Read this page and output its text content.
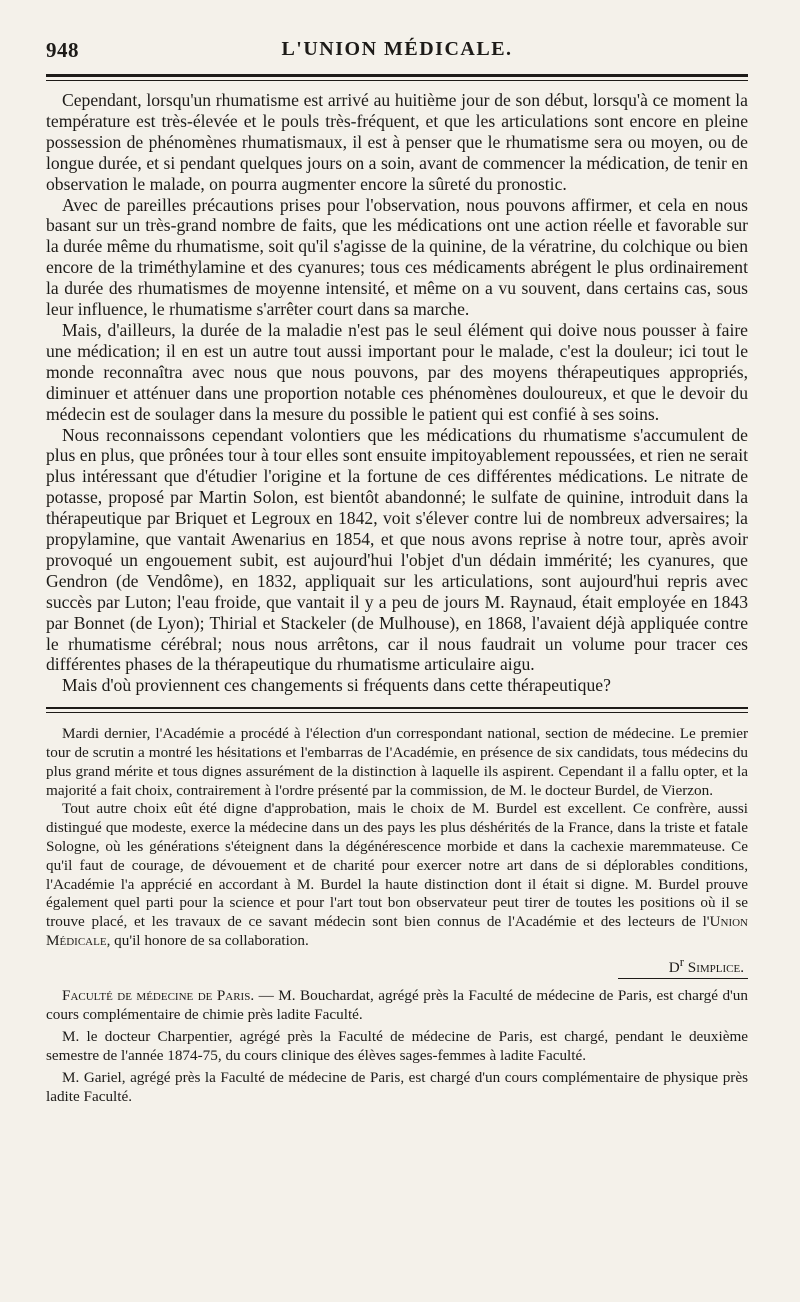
948	L'UNION MÉDICALE.

Cependant, lorsqu'un rhumatisme est arrivé au huitième jour de son début, lorsqu'à ce moment la température est très-élevée et le pouls très-fréquent, et que les articulations sont encore en pleine possession de phénomènes rhumatismaux, il est à penser que le rhumatisme sera ou moyen, ou de longue durée, et si pendant quelques jours on a soin, avant de commencer la médication, de tenir en observation le malade, on pourra augmenter encore la sûreté du pronostic.

Avec de pareilles précautions prises pour l'observation, nous pouvons affirmer, et cela en nous basant sur un très-grand nombre de faits, que les médications ont une action réelle et favorable sur la durée même du rhumatisme, soit qu'il s'agisse de la quinine, de la vératrine, du colchique ou bien encore de la triméthylamine et des cyanures; tous ces médicaments abrégent le plus ordinairement la durée des rhumatismes de moyenne intensité, et même on a vu souvent, dans certains cas, sous leur influence, le rhumatisme s'arrêter court dans sa marche.

Mais, d'ailleurs, la durée de la maladie n'est pas le seul élément qui doive nous pousser à faire une médication; il en est un autre tout aussi important pour le malade, c'est la douleur; ici tout le monde reconnaîtra avec nous que nous pouvons, par des moyens thérapeutiques appropriés, diminuer et atténuer dans une proportion notable ces phénomènes douloureux, et que le devoir du médecin est de soulager dans la mesure du possible le patient qui est confié à ses soins.

Nous reconnaissons cependant volontiers que les médications du rhumatisme s'accumulent de plus en plus, que prônées tour à tour elles sont ensuite impitoyablement repoussées, et rien ne serait plus intéressant que d'étudier l'origine et la fortune de ces différentes médications. Le nitrate de potasse, proposé par Martin Solon, est bientôt abandonné; le sulfate de quinine, introduit dans la thérapeutique par Briquet et Legroux en 1842, voit s'élever contre lui de nombreux adversaires; la propylamine, que vantait Awenarius en 1854, et que nous avons reprise à notre tour, après avoir provoqué un engouement subit, est aujourd'hui l'objet d'un dédain immérité; les cyanures, que Gendron (de Vendôme), en 1832, appliquait sur les articulations, sont aujourd'hui repris avec succès par Luton; l'eau froide, que vantait il y a peu de jours M. Raynaud, était employée en 1843 par Bonnet (de Lyon); Thirial et Stackeler (de Mulhouse), en 1868, l'avaient déjà appliquée contre le rhumatisme cérébral; nous nous arrêtons, car il nous faudrait un volume pour tracer ces différentes phases de la thérapeutique du rhumatisme articulaire aigu.

Mais d'où proviennent ces changements si fréquents dans cette thérapeutique?

Mardi dernier, l'Académie a procédé à l'élection d'un correspondant national, section de médecine. Le premier tour de scrutin a montré les hésitations et l'embarras de l'Académie, en présence de six candidats, tous médecins du plus grand mérite et tous dignes assurément de la distinction à laquelle ils aspirent. Cependant il a fallu opter, et la majorité a fait choix, contrairement à l'ordre présenté par la commission, de M. le docteur Burdel, de Vierzon.

Tout autre choix eût été digne d'approbation, mais le choix de M. Burdel est excellent. Ce confrère, aussi distingué que modeste, exerce la médecine dans un des pays les plus déshérités de la France, dans la triste et fatale Sologne, où les générations s'éteignent dans la dégénérescence morbide et dans la cachexie maremmateuse. Ce qu'il faut de courage, de dévouement et de charité pour exercer notre art dans de si déplorables conditions, l'Académie l'a apprécié en accordant à M. Burdel la haute distinction dont il était si digne. M. Burdel prouve également quel parti pour la science et pour l'art tout bon observateur peut tirer de toutes les positions où il se trouve placé, et les travaux de ce savant médecin sont bien connus de l'Académie et des lecteurs de l'Union Médicale, qu'il honore de sa collaboration.

$D^r$ Simplice.

Faculté de médecine de Paris. — M. Bouchardat, agrégé près la Faculté de médecine de Paris, est chargé d'un cours complémentaire de chimie près ladite Faculté.

M. le docteur Charpentier, agrégé près la Faculté de médecine de Paris, est chargé, pendant le deuxième semestre de l'année 1874-75, du cours clinique des élèves sages-femmes à ladite Faculté.

M. Gariel, agrégé près la Faculté de médecine de Paris, est chargé d'un cours complémentaire de physique près ladite Faculté.
